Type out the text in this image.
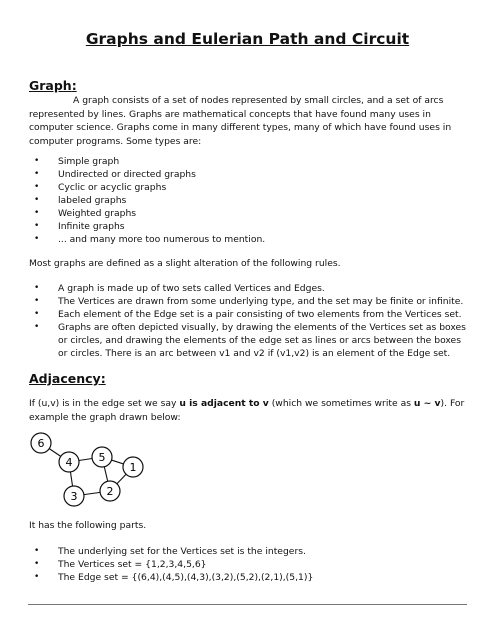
Graphs and Eulerian Path and Circuit
Graph:

A graph consists of a set of nodes represented by small circles, and a set of arcs represented by lines. Graphs are mathematical concepts that have found many uses in computer science. Graphs come in many different types, many of which have found uses in computer programs. Some types are:

• Simple graph
• Undirected or directed graphs
• Cyclic or acyclic graphs
• labeled graphs
• Weighted graphs
• Infinite graphs
• ... and many more too numerous to mention.

Most graphs are defined as a slight alteration of the following rules.

• A graph is made up of two sets called Vertices and Edges.
• The Vertices are drawn from some underlying type, and the set may be finite or infinite.
• Each element of the Edge set is a pair consisting of two elements from the Vertices set.
• Graphs are often depicted visually, by drawing the elements of the Vertices set as boxes or circles, and drawing the elements of the edge set as lines or arcs between the boxes or circles. There is an arc between v1 and v2 if (v1,v2) is an element of the Edge set.
Adjacency:

If (u,v) is in the edge set we say u is adjacent to v (which we sometimes write as u ~ v). For example the graph drawn below:

6
4 5
1
3	2

It has the following parts.

• The underlying set for the Vertices set is the integers.
• The Vertices set = {1,2,3,4,5,6}
• The Edge set = {(6,4),(4,5),(4,3),(3,2),(5,2),(2,1),(5,1)}
